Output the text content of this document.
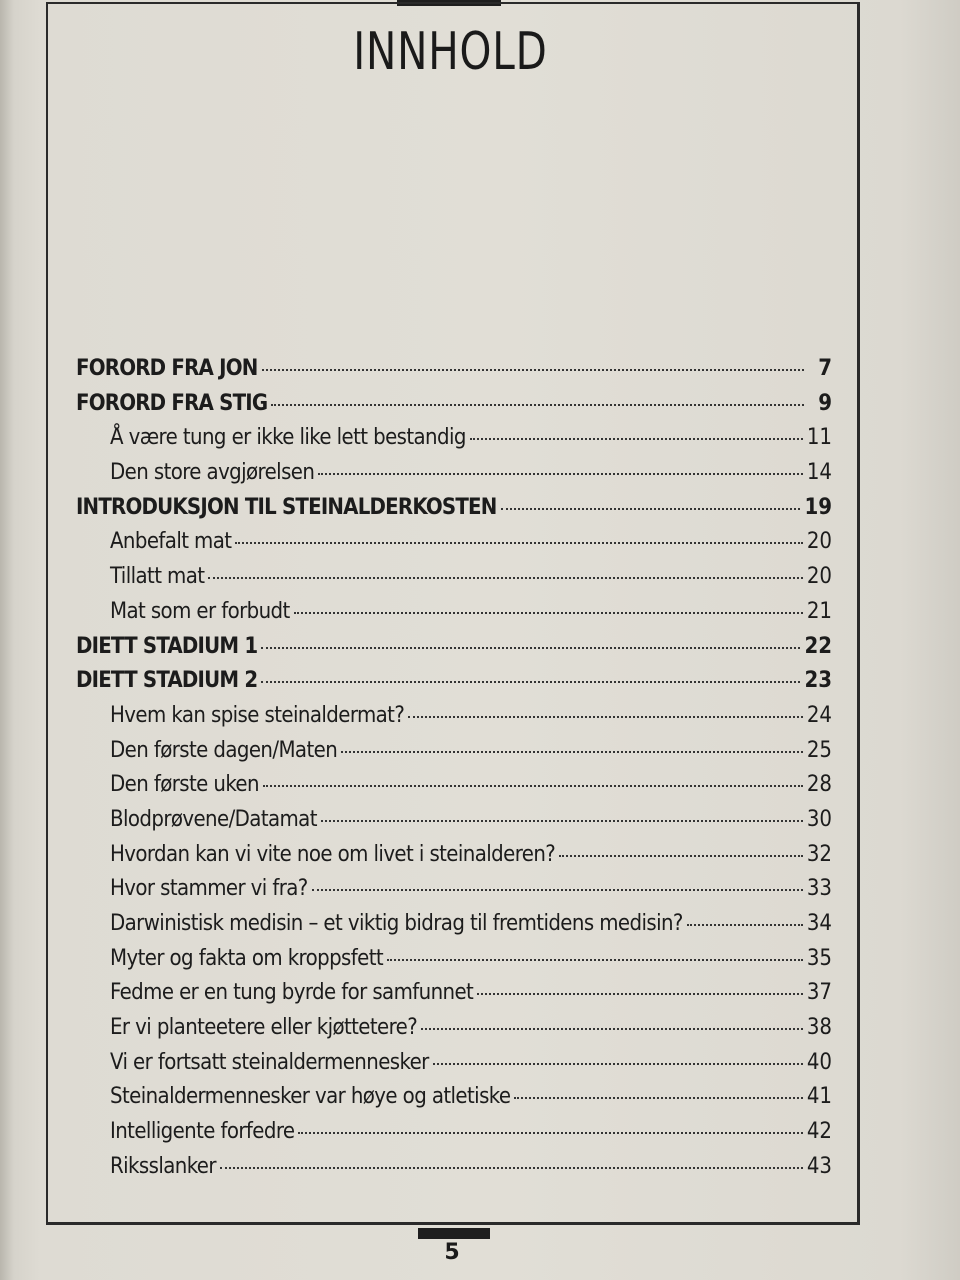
INNHOLD
FORORD FRA JON	7
FORORD FRA STIG	9
Å være tung er ikke like lett bestandig	11
Den store avgjørelsen	14
INTRODUKSJON TIL STEINALDERKOSTEN	19
Anbefalt mat	20
Tillatt mat	20
Mat som er forbudt	21
DIETT STADIUM 1	22
DIETT STADIUM 2	23
Hvem kan spise steinaldermat?	24
Den første dagen/Maten	25
Den første uken	28
Blodprøvene/Datamat	30
Hvordan kan vi vite noe om livet i steinalderen?	32
Hvor stammer vi fra?	33
Darwinistisk medisin – et viktig bidrag til fremtidens medisin?	34
Myter og fakta om kroppsfett	35
Fedme er en tung byrde for samfunnet	37
Er vi planteetere eller kjøttetere?	38
Vi er fortsatt steinaldermennesker	40
Steinaldermennesker var høye og atletiske	41
Intelligente forfedre	42
Riksslanker	43
5
